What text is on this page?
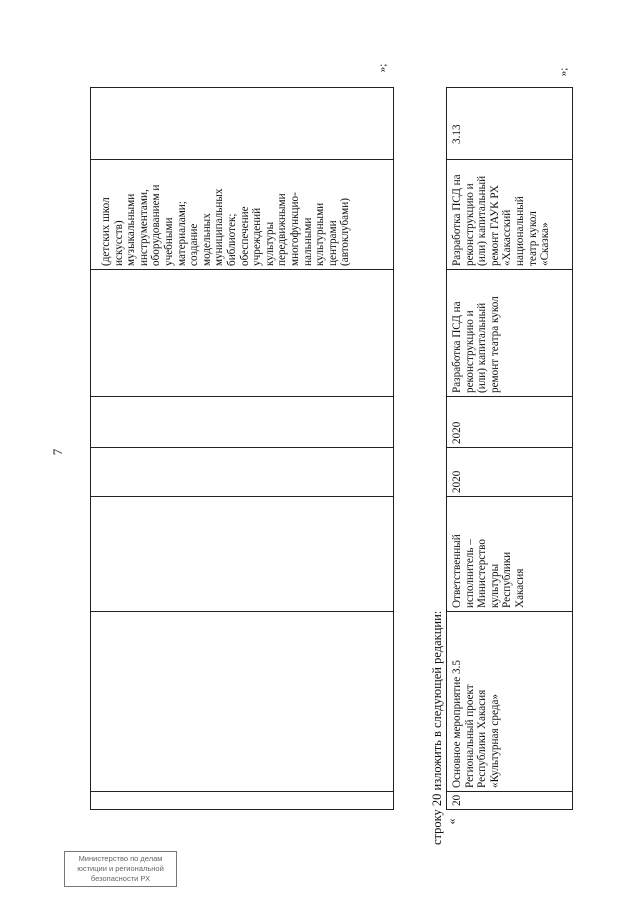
7
»;	»;
(детских школ
искусств)
музыкальными
инструментами,
оборудованием и
учебными
материалами;
создание
модельных
муниципальных
библиотек;
обеспечение
учреждений
культуры
передвижными
многофункцио-
нальными
культурными
центрами
(автоклубами)
строку 20 изложить в следующей редакции: 20
Основное мероприятие 3.5
Региональный проект
Республики Хакасия
«Культурная среда»
Ответственный
исполнитель –
Министерство
культуры
Республики
Хакасия
2020
2020
Разработка ПСД на
реконструкцию и
(или) капитальный
ремонт театра кукол
Разработка ПСД на
реконструкцию и
(или) капитальный
ремонт ГАУК РХ
«Хакасский
национальный
театр кукол
«Сказка»
3.13
«
Министерство по делам
юстиции и региональной
безопасности РХ
